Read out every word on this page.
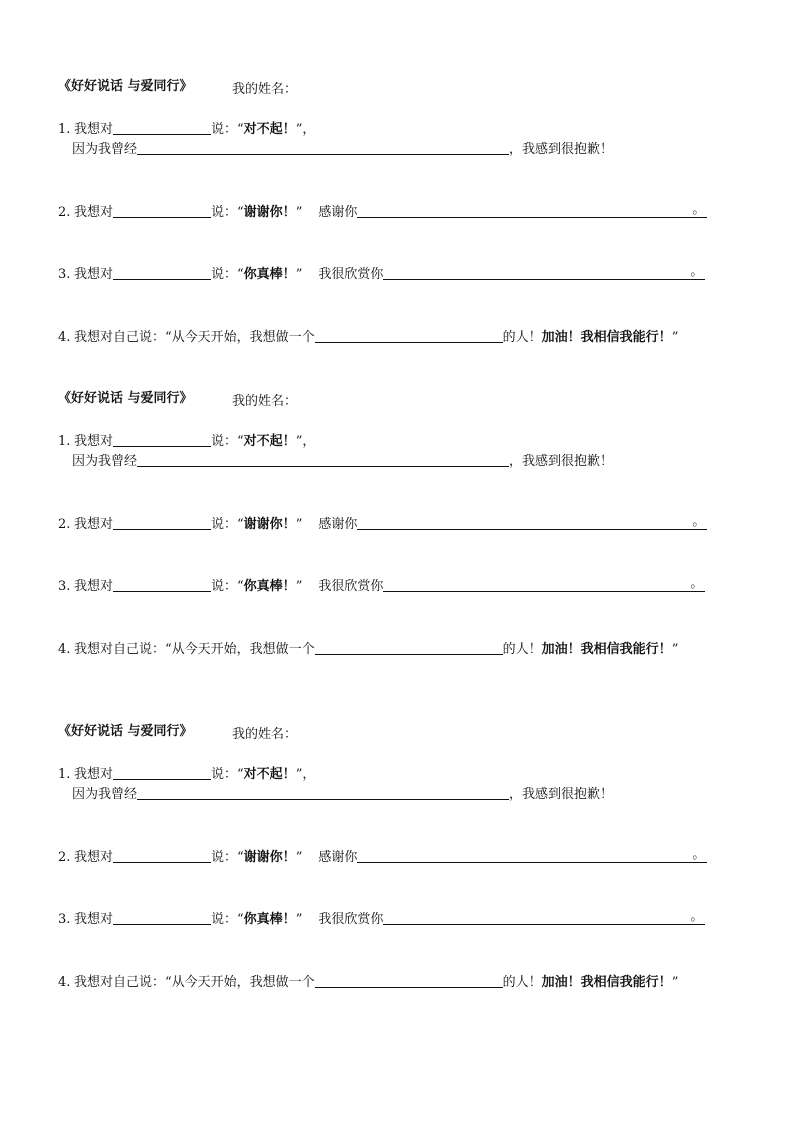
《好好说话 与爱同行》	我的姓名：
1. 我想对	说：“对不起！”，
因为我曾经	，我感到很抱歉！
2. 我想对	说：“谢谢你！” 感谢你	。
3. 我想对	说：“你真棒！” 我很欣赏你	。
4. 我想对自己说：“从今天开始，我想做一个	的人！加油！我相信我能行！”
《好好说话 与爱同行》	我的姓名：
1. 我想对	说：“对不起！”，
因为我曾经	，我感到很抱歉！
2. 我想对	说：“谢谢你！” 感谢你	。
3. 我想对	说：“你真棒！” 我很欣赏你	。
4. 我想对自己说：“从今天开始，我想做一个	的人！加油！我相信我能行！”
《好好说话 与爱同行》	我的姓名：
1. 我想对	说：“对不起！”，
因为我曾经	，我感到很抱歉！
2. 我想对	说：“谢谢你！” 感谢你	。
3. 我想对	说：“你真棒！” 我很欣赏你	。
4. 我想对自己说：“从今天开始，我想做一个	的人！加油！我相信我能行！”
